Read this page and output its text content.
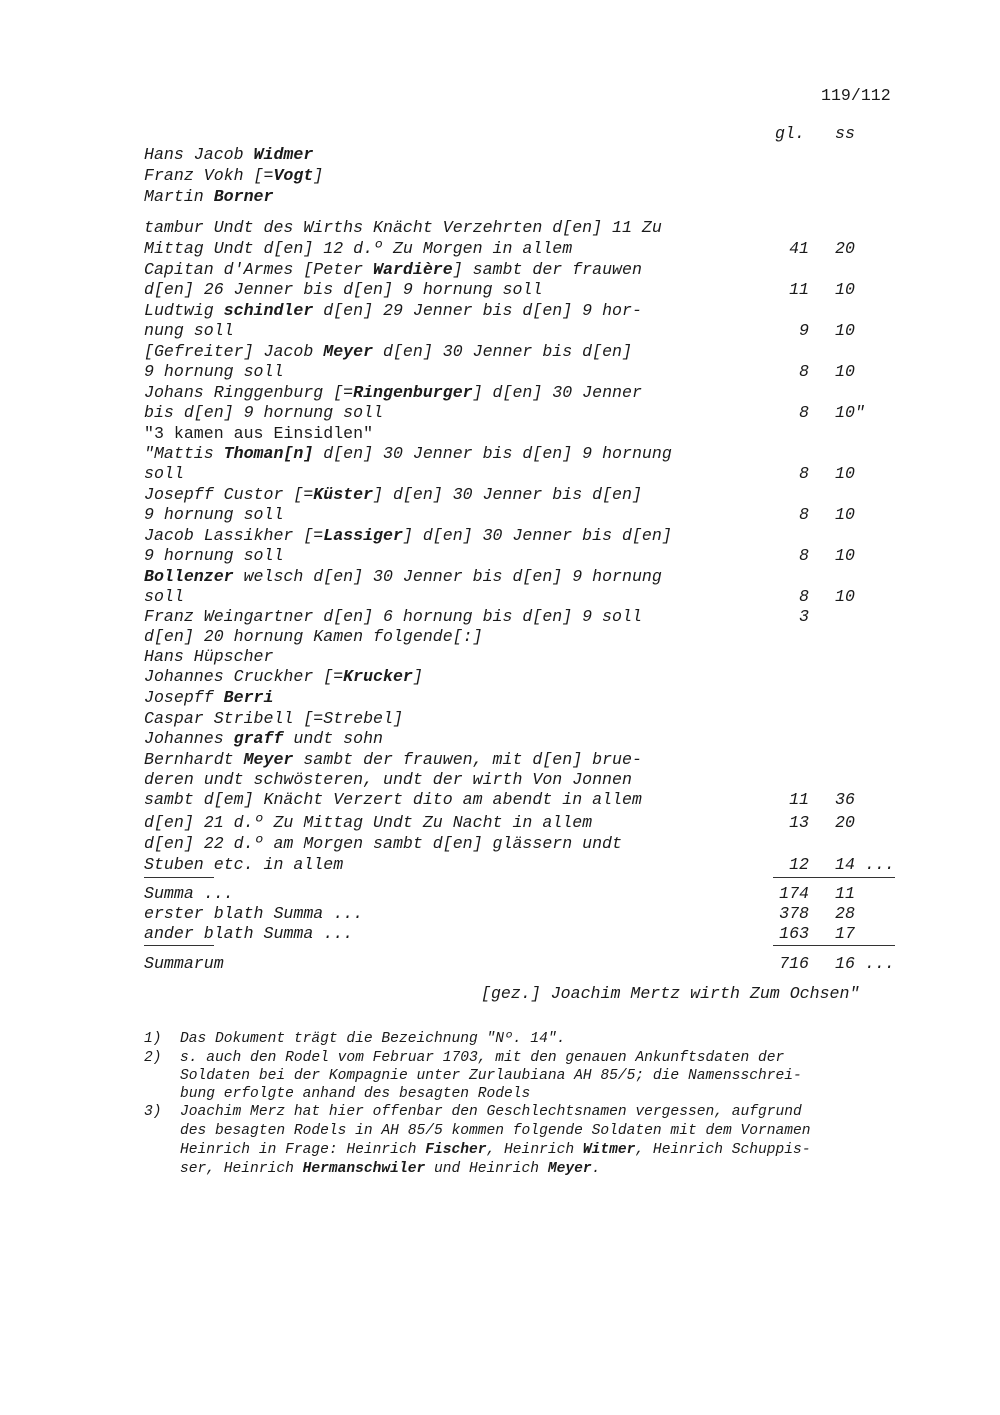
119/112
gl. ss
Hans Jacob Widmer
Franz Vokh [=Vogt]
Martin Borner
tambur Undt des Wirths Knächt Verzehrten d[en] 11 Zu
Mittag Undt d[en] 12 d.º Zu Morgen in allem	41 20
Capitan d'Armes [Peter Wardière] sambt der frauwen
d[en] 26 Jenner bis d[en] 9 hornung soll	11 10
Ludtwig schindler d[en] 29 Jenner bis d[en] 9 hor-
nung soll	9 10
[Gefreiter] Jacob Meyer d[en] 30 Jenner bis d[en]
9 hornung soll	8 10
Johans Ringgenburg [=Ringenburger] d[en] 30 Jenner
bis d[en] 9 hornung soll	8 10"
"3 kamen aus Einsidlen"
"Mattis Thoman[n] d[en] 30 Jenner bis d[en] 9 hornung
soll	8 10
Josepff Custor [=Küster] d[en] 30 Jenner bis d[en]
9 hornung soll	8 10
Jacob Lassikher [=Lassiger] d[en] 30 Jenner bis d[en]
9 hornung soll	8 10
Bollenzer welsch d[en] 30 Jenner bis d[en] 9 hornung
soll	8 10
Franz Weingartner d[en] 6 hornung bis d[en] 9 soll	3
d[en] 20 hornung Kamen folgende[:]
Hans Hüpscher
Johannes Cruckher [=Krucker]
Josepff Berri
Caspar Stribell [=Strebel]
Johannes graff undt sohn
Bernhardt Meyer sambt der frauwen, mit d[en] brue-
deren undt schwösteren, undt der wirth Von Jonnen
sambt d[em] Knächt Verzert dito am abendt in allem	11 36
d[en] 21 d.º Zu Mittag Undt Zu Nacht in allem	13 20
d[en] 22 d.º am Morgen sambt d[en] glässern undt
Stuben etc. in allem	12 14 ...
Summa ...	174 11
erster blath Summa ...	378 28
ander blath Summa ...	163 17
Summarum	716 16 ...
[gez.] Joachim Mertz wirth Zum Ochsen"
1) Das Dokument trägt die Bezeichnung "Nº. 14".
2) s. auch den Rodel vom Februar 1703, mit den genauen Ankunftsdaten der
Soldaten bei der Kompagnie unter Zurlaubiana AH 85/5; die Namensschrei-
bung erfolgte anhand des besagten Rodels
3) Joachim Merz hat hier offenbar den Geschlechtsnamen vergessen, aufgrund
des besagten Rodels in AH 85/5 kommen folgende Soldaten mit dem Vornamen
Heinrich in Frage: Heinrich Fischer, Heinrich Witmer, Heinrich Schuppis-
ser, Heinrich Hermanschwiler und Heinrich Meyer.
